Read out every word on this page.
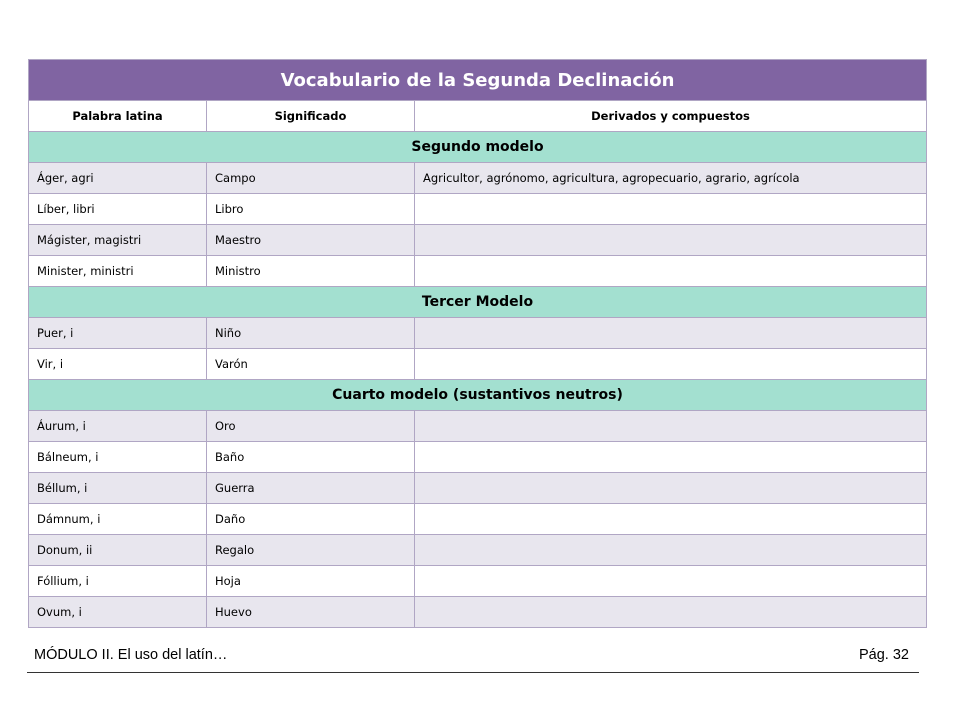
Vocabulario de la Segunda Declinación		
Palabra latina	Significado	Derivados y compuestos
Segundo modelo		
Áger, agri	Campo	Agricultor, agrónomo, agricultura, agropecuario, agrario, agrícola
Líber, libri	Libro	
Mágister, magistri	Maestro	
Minister, ministri	Ministro	
Tercer Modelo		
Puer, i	Niño	
Vir, i	Varón	
Cuarto modelo (sustantivos neutros)		
Áurum, i	Oro	
Bálneum, i	Baño	
Béllum, i	Guerra	
Dámnum, i	Daño	
Donum, ii	Regalo	
Fóllium, i	Hoja	
Ovum, i	Huevo	
MÓDULO II. El uso del latín…	Pág. 32
